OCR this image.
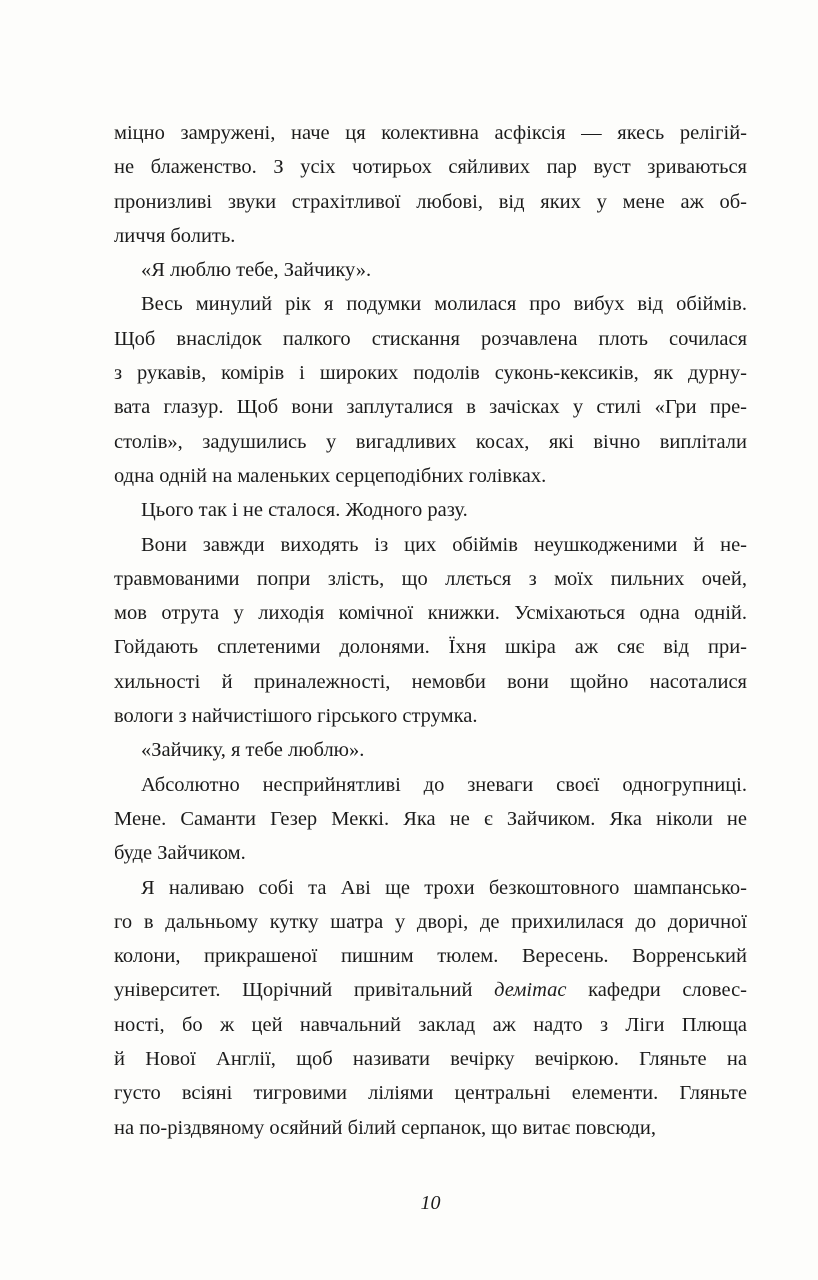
міцно замружені, наче ця колективна асфіксія — якесь релігій-
не блаженство. З усіх чотирьох сяйливих пар вуст зриваються
пронизливі звуки страхітливої любові, від яких у мене аж об-
личчя болить.
«Я люблю тебе, Зайчику».
Весь минулий рік я подумки молилася про вибух від обіймів.
Щоб внаслідок палкого стискання розчавлена плоть сочилася
з рукавів, комірів і широких подолів суконь-кексиків, як дурну-
вата глазур. Щоб вони заплуталися в зачісках у стилі «Гри пре-
столів», задушились у вигадливих косах, які вічно виплітали
одна одній на маленьких серцеподібних голівках.
Цього так і не сталося. Жодного разу.
Вони завжди виходять із цих обіймів неушкодженими й не-
травмованими попри злість, що ллється з моїх пильних очей,
мов отрута у лиходія комічної книжки. Усміхаються одна одній.
Гойдають сплетеними долонями. Їхня шкіра аж сяє від при-
хильності й приналежності, немовби вони щойно насоталися
вологи з найчистішого гірського струмка.
«Зайчику, я тебе люблю».
Абсолютно несприйнятливі до зневаги своєї одногрупниці.
Мене. Саманти Гезер Меккі. Яка не є Зайчиком. Яка ніколи не
буде Зайчиком.
Я наливаю собі та Аві ще трохи безкоштовного шампансько-
го в дальньому кутку шатра у дворі, де прихилилася до доричної
колони, прикрашеної пишним тюлем. Вересень. Ворренський
університет. Щорічний привітальний демітас кафедри словес-
ності, бо ж цей навчальний заклад аж надто з Ліги Плюща
й Нової Англії, щоб називати вечірку вечіркою. Гляньте на
густо всіяні тигровими ліліями центральні елементи. Гляньте
на по-різдвяному осяйний білий серпанок, що витає повсюди,
10
